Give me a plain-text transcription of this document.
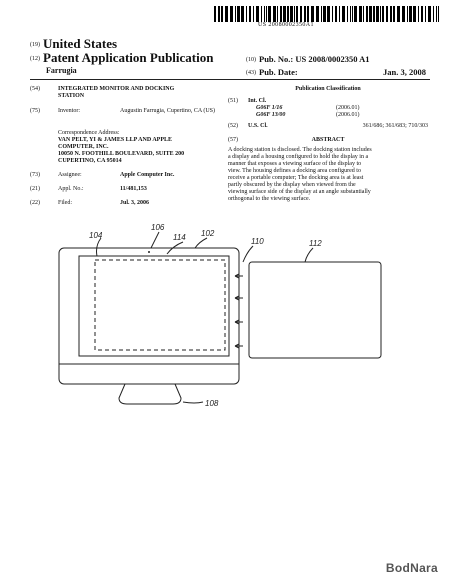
US 20080002350A1
(19) United States
(12) Patent Application Publication
Farrugia
(10) Pub. No.: US 2008/0002350 A1
(43) Pub. Date:	Jan. 3, 2008
(54)	INTEGRATED MONITOR AND DOCKING STATION
(75)	Inventor:	Augustin Farrugia, Cupertino, CA (US)
Correspondence Address:
VAN PELT, YI & JAMES LLP AND APPLE
COMPUTER, INC.
10050 N. FOOTHILL BOULEVARD, SUITE 200
CUPERTINO, CA 95014
(73)	Assignee:	Apple Computer Inc.
(21)	Appl. No.:	11/481,153
(22)	Filed:	Jul. 3, 2006
Publication Classification
(51) Int. Cl.
G06F 1/16	(2006.01)
G06F 13/00	(2006.01)
(52) U.S. Cl.	361/686; 361/683; 710/303
(57)	ABSTRACT
A docking station is disclosed. The docking station includes
a display and a housing configured to hold the display in a
manner that exposes a viewing surface of the display to
view. The housing defines a docking area configured to
receive a portable computer; The docking area is at least
partly obscured by the display when viewed from the
viewing surface side of the display at an angle substantially
orthogonal to the viewing surface.
104
106
114 102
110	112
108
BodNara
